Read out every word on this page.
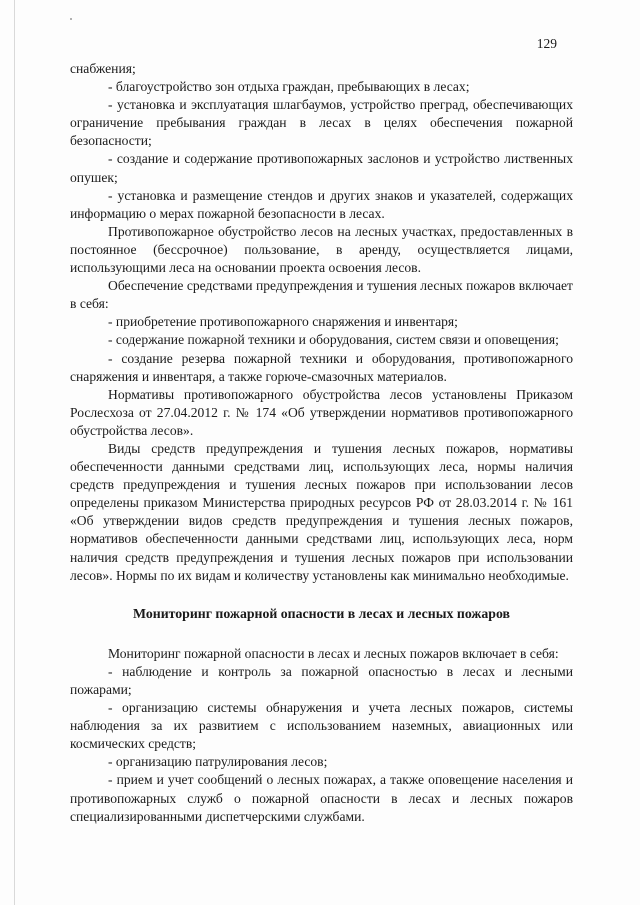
129

снабжения;

- благоустройство зон отдыха граждан, пребывающих в лесах;

- установка и эксплуатация шлагбаумов, устройство преград, обеспечивающих ограничение пребывания граждан в лесах в целях обеспечения пожарной безопасности;

- создание и содержание противопожарных заслонов и устройство лиственных опушек;

- установка и размещение стендов и других знаков и указателей, содержащих информацию о мерах пожарной безопасности в лесах.

Противопожарное обустройство лесов на лесных участках, предоставленных в постоянное (бессрочное) пользование, в аренду, осуществляется лицами, использующими леса на основании проекта освоения лесов.

Обеспечение средствами предупреждения и тушения лесных пожаров включает в себя:

- приобретение противопожарного снаряжения и инвентаря;

- содержание пожарной техники и оборудования, систем связи и оповещения;

- создание резерва пожарной техники и оборудования, противопожарного снаряжения и инвентаря, а также горюче-смазочных материалов.

Нормативы противопожарного обустройства лесов установлены Приказом Рослесхоза от 27.04.2012 г. № 174 «Об утверждении нормативов противопожарного обустройства лесов».

Виды средств предупреждения и тушения лесных пожаров, нормативы обеспеченности данными средствами лиц, использующих леса, нормы наличия средств предупреждения и тушения лесных пожаров при использовании лесов определены приказом Министерства природных ресурсов РФ от 28.03.2014 г. № 161 «Об утверждении видов средств предупреждения и тушения лесных пожаров, нормативов обеспеченности данными средствами лиц, использующих леса, норм наличия средств предупреждения и тушения лесных пожаров при использовании лесов». Нормы по их видам и количеству установлены как минимально необходимые.

Мониторинг пожарной опасности в лесах и лесных пожаров

Мониторинг пожарной опасности в лесах и лесных пожаров включает в себя:

- наблюдение и контроль за пожарной опасностью в лесах и лесными пожарами;

- организацию системы обнаружения и учета лесных пожаров, системы наблюдения за их развитием с использованием наземных, авиационных или космических средств;

- организацию патрулирования лесов;

- прием и учет сообщений о лесных пожарах, а также оповещение населения и противопожарных служб о пожарной опасности в лесах и лесных пожаров специализированными диспетчерскими службами.
